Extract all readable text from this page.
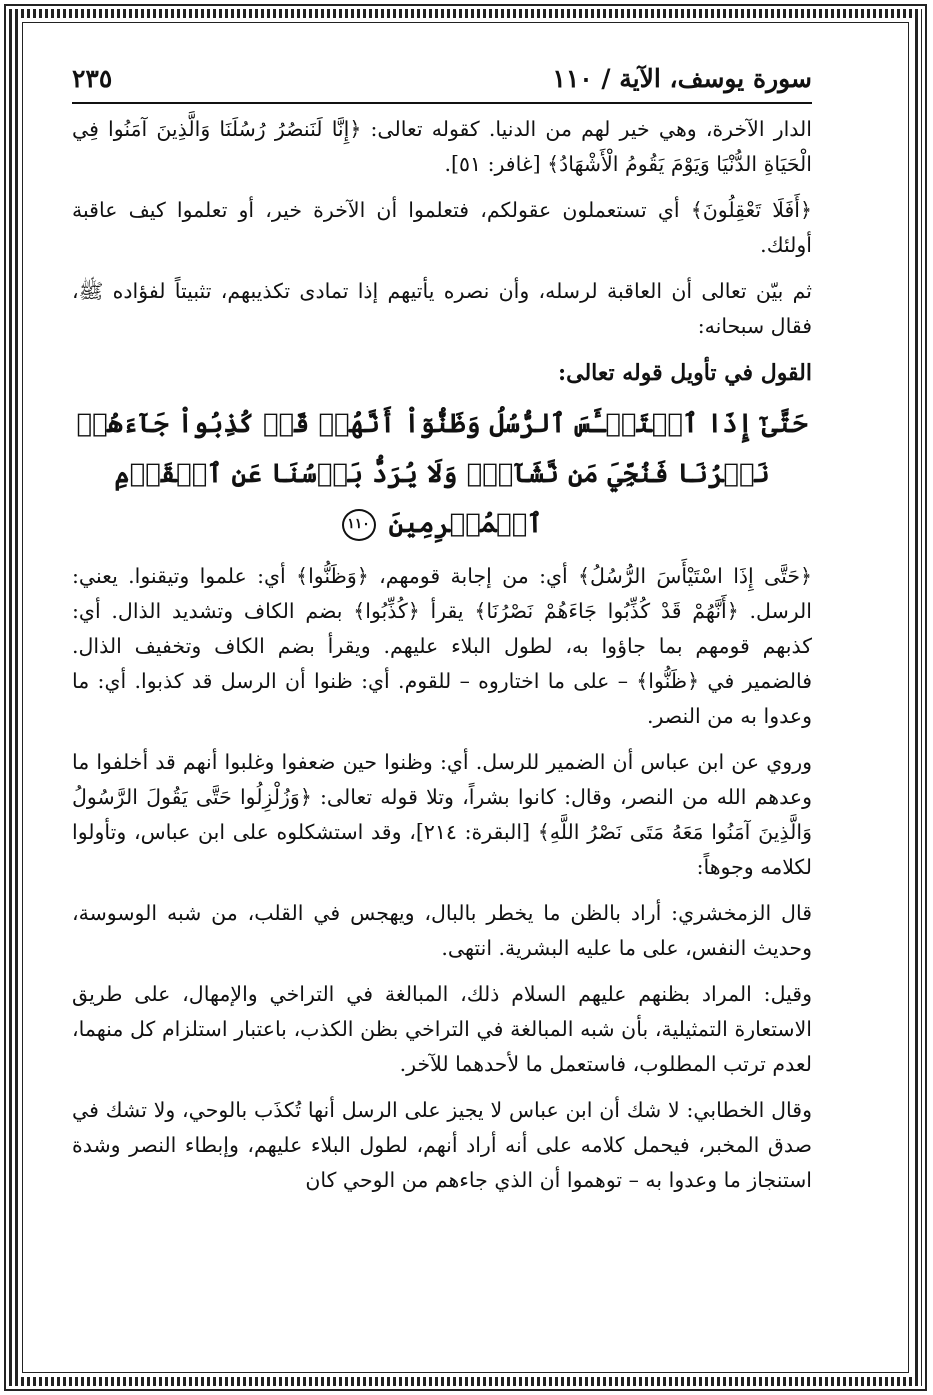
سورة يوسف، الآية / ١١٠
٢٣٥

الدار الآخرة، وهي خير لهم من الدنيا. كقوله تعالى: ﴿إِنَّا لَنَنصُرُ رُسُلَنَا وَالَّذِينَ آمَنُوا فِي الْحَيَاةِ الدُّنْيَا وَيَوْمَ يَقُومُ الْأَشْهَادُ﴾ [غافر: ٥١].

﴿أَفَلَا تَعْقِلُونَ﴾ أي تستعملون عقولكم، فتعلموا أن الآخرة خير، أو تعلموا كيف عاقبة أولئك.

ثم بيّن تعالى أن العاقبة لرسله، وأن نصره يأتيهم إذا تمادى تكذيبهم، تثبيتاً لفؤاده ﷺ، فقال سبحانه:

القول في تأويل قوله تعالى:
حَتَّىٰٓ إِذَا ٱسۡتَيۡـَٔسَ ٱلرُّسُلُ وَظَنُّوٓاْ أَنَّهُمۡ قَدۡ كُذِبُواْ جَآءَهُمۡ نَصۡرُنَا فَنُجِّيَ مَن نَّشَآءُۖ وَلَا يُرَدُّ بَأۡسُنَا عَنِ ٱلۡقَوۡمِ ٱلۡمُجۡرِمِينَ ١١٠

﴿حَتَّى إِذَا اسْتَيْأَسَ الرُّسُلُ﴾ أي: من إجابة قومهم، ﴿وَظَنُّوا﴾ أي: علموا وتيقنوا. يعني: الرسل. ﴿أَنَّهُمْ قَدْ كُذِّبُوا جَاءَهُمْ نَصْرُنَا﴾ يقرأ ﴿كُذِّبُوا﴾ بضم الكاف وتشديد الذال. أي: كذبهم قومهم بما جاؤوا به، لطول البلاء عليهم. ويقرأ بضم الكاف وتخفيف الذال. فالضمير في ﴿ظَنُّوا﴾ – على ما اختاروه – للقوم. أي: ظنوا أن الرسل قد كذبوا. أي: ما وعدوا به من النصر.

وروي عن ابن عباس أن الضمير للرسل. أي: وظنوا حين ضعفوا وغلبوا أنهم قد أخلفوا ما وعدهم الله من النصر، وقال: كانوا بشراً، وتلا قوله تعالى: ﴿وَزُلْزِلُوا حَتَّى يَقُولَ الرَّسُولُ وَالَّذِينَ آمَنُوا مَعَهُ مَتَى نَصْرُ اللَّهِ﴾ [البقرة: ٢١٤]، وقد استشكلوه على ابن عباس، وتأولوا لكلامه وجوهاً:

قال الزمخشري: أراد بالظن ما يخطر بالبال، ويهجس في القلب، من شبه الوسوسة، وحديث النفس، على ما عليه البشرية. انتهى.

وقيل: المراد بظنهم عليهم السلام ذلك، المبالغة في التراخي والإمهال، على طريق الاستعارة التمثيلية، بأن شبه المبالغة في التراخي بظن الكذب، باعتبار استلزام كل منهما، لعدم ترتب المطلوب، فاستعمل ما لأحدهما للآخر.

وقال الخطابي: لا شك أن ابن عباس لا يجيز على الرسل أنها تُكذَب بالوحي، ولا تشك في صدق المخبر، فيحمل كلامه على أنه أراد أنهم، لطول البلاء عليهم، وإبطاء النصر وشدة استنجاز ما وعدوا به – توهموا أن الذي جاءهم من الوحي كان
